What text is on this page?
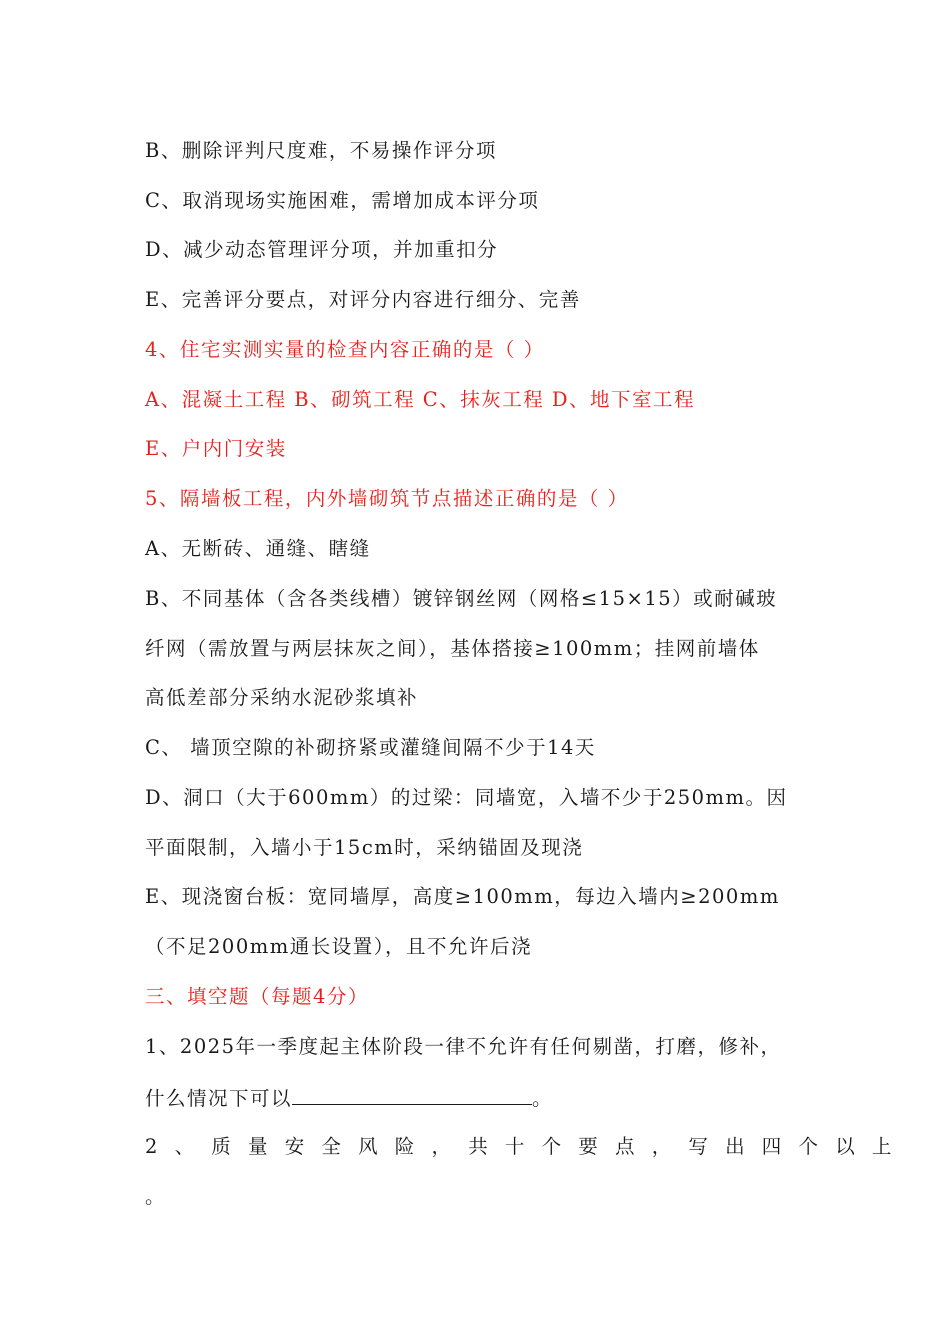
B、删除评判尺度难，不易操作评分项
C、取消现场实施困难，需增加成本评分项
D、减少动态管理评分项，并加重扣分
E、完善评分要点，对评分内容进行细分、完善
4、住宅实测实量的检查内容正确的是（ ）
A、混凝土工程 B、砌筑工程 C、抹灰工程 D、地下室工程
E、户内门安装
5、隔墙板工程，内外墙砌筑节点描述正确的是（ ）
A、无断砖、通缝、瞎缝
B、不同基体（含各类线槽）镀锌钢丝网（网格≤15×15）或耐碱玻
纤网（需放置与两层抹灰之间），基体搭接≥100mm；挂网前墙体
高低差部分采纳水泥砂浆填补
C、 墙顶空隙的补砌挤紧或灌缝间隔不少于14天
D、洞口（大于600mm）的过梁：同墙宽，入墙不少于250mm。因
平面限制，入墙小于15cm时，采纳锚固及现浇
E、现浇窗台板：宽同墙厚，高度≥100mm，每边入墙内≥200mm
（不足200mm通长设置），且不允许后浇
三、填空题（每题4分）
1、2025年一季度起主体阶段一律不允许有任何剔凿，打磨，修补，
什么情况下可以	。
2、质量安全风险，共十个要点，写出四个以上
。
